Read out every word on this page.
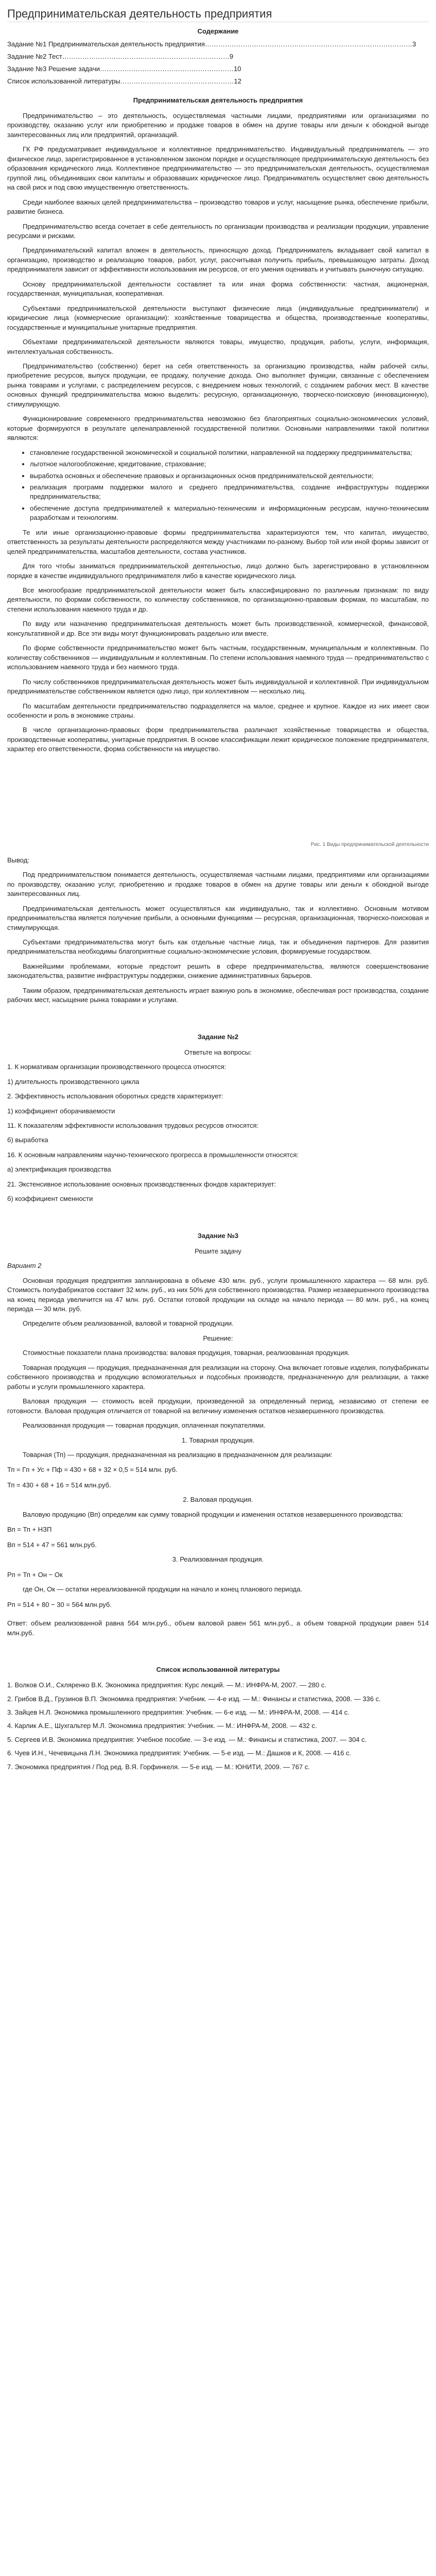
Предпринимательская деятельность предприятия
Содержание
Задание №1 Предпринимательская деятельность предприятия…………………………………………………………………………………3
Задание №2 Тест…………………………………………………………………9
Задание №3 Решение задачи……………………………………………………10
Список использованной литературы……………………………………………12
Предпринимательская деятельность предприятия

Предпринимательство – это деятельность, осуществляемая частными лицами, предприятиями или организациями по производству, оказанию услуг или приобретению и продаже товаров в обмен на другие товары или деньги к обоюдной выгоде заинтересованных лиц или предприятий, организаций.

ГК РФ предусматривает индивидуальное и коллективное предпринимательство. Индивидуальный предприниматель — это физическое лицо, зарегистрированное в установленном законом порядке и осуществляющее предпринимательскую деятельность без образования юридического лица. Коллективное предпринимательство — это предпринимательская деятельность, осуществляемая группой лиц, объединивших свои капиталы и образовавших юридическое лицо. Предприниматель осуществляет свою деятельность на свой риск и под свою имущественную ответственность.

Среди наиболее важных целей предпринимательства – производство товаров и услуг, насыщение рынка, обеспечение прибыли, развитие бизнеса.

Предпринимательство всегда сочетает в себе деятельность по организации производства и реализации продукции, управление ресурсами и рисками.

Предпринимательский капитал вложен в деятельность, приносящую доход. Предприниматель вкладывает свой капитал в организацию, производство и реализацию товаров, работ, услуг, рассчитывая получить прибыль, превышающую затраты. Доход предпринимателя зависит от эффективности использования им ресурсов, от его умения оценивать и учитывать рыночную ситуацию.

Основу предпринимательской деятельности составляет та или иная форма собственности: частная, акционерная, государственная, муниципальная, кооперативная.

Субъектами предпринимательской деятельности выступают физические лица (индивидуальные предприниматели) и юридические лица (коммерческие организации): хозяйственные товарищества и общества, производственные кооперативы, государственные и муниципальные унитарные предприятия.

Объектами предпринимательской деятельности являются товары, имущество, продукция, работы, услуги, информация, интеллектуальная собственность.

Предпринимательство (собственно) берет на себя ответственность за организацию производства, найм рабочей силы, приобретение ресурсов, выпуск продукции, ее продажу, получение дохода. Оно выполняет функции, связанные с обеспечением рынка товарами и услугами, с распределением ресурсов, с внедрением новых технологий, с созданием рабочих мест. В качестве основных функций предпринимательства можно выделить: ресурсную, организационную, творческо-поисковую (инновационную), стимулирующую.

Функционирование современного предпринимательства невозможно без благоприятных социально-экономических условий, которые формируются в результате целенаправленной государственной политики. Основными направлениями такой политики являются:

• становление государственной экономической и социальной политики, направленной на поддержку предпринимательства;
• льготное налогообложение, кредитование, страхование;
• выработка основных и обеспечение правовых и организационных основ предпринимательской деятельности;
• реализация программ поддержки малого и среднего предпринимательства, создание инфраструктуры поддержки предпринимательства;
• обеспечение доступа предпринимателей к материально-техническим и информационным ресурсам, научно-техническим разработкам и технологиям.

Те или иные организационно-правовые формы предпринимательства характеризуются тем, что капитал, имущество, ответственность за результаты деятельности распределяются между участниками по-разному. Выбор той или иной формы зависит от целей предпринимательства, масштабов деятельности, состава участников.

Для того чтобы заниматься предпринимательской деятельностью, лицо должно быть зарегистрировано в установленном порядке в качестве индивидуального предпринимателя либо в качестве юридического лица.

Все многообразие предпринимательской деятельности может быть классифицировано по различным признакам: по виду деятельности, по формам собственности, по количеству собственников, по организационно-правовым формам, по масштабам, по степени использования наемного труда и др.

По виду или назначению предпринимательская деятельность может быть производственной, коммерческой, финансовой, консультативной и др. Все эти виды могут функционировать раздельно или вместе.

По форме собственности предпринимательство может быть частным, государственным, муниципальным и коллективным. По количеству собственников — индивидуальным и коллективным. По степени использования наемного труда — предпринимательство с использованием наемного труда и без наемного труда.

По числу собственников предпринимательская деятельность может быть индивидуальной и коллективной. При индивидуальном предпринимательстве собственником является одно лицо, при коллективном — несколько лиц.

По масштабам деятельности предпринимательство подразделяется на малое, среднее и крупное. Каждое из них имеет свои особенности и роль в экономике страны.

В числе организационно-правовых форм предпринимательства различают хозяйственные товарищества и общества, производственные кооперативы, унитарные предприятия. В основе классификации лежит юридическое положение предпринимателя, характер его ответственности, форма собственности на имущество.

Рис. 1 Виды предпринимательской деятельности

Вывод:

Под предпринимательством понимается деятельность, осуществляемая частными лицами, предприятиями или организациями по производству, оказанию услуг, приобретению и продаже товаров в обмен на другие товары или деньги к обоюдной выгоде заинтересованных лиц.

Предпринимательская деятельность может осуществляться как индивидуально, так и коллективно. Основным мотивом предпринимательства является получение прибыли, а основными функциями — ресурсная, организационная, творческо-поисковая и стимулирующая.

Субъектами предпринимательства могут быть как отдельные частные лица, так и объединения партнеров. Для развития предпринимательства необходимы благоприятные социально-экономические условия, формируемые государством.

Важнейшими проблемами, которые предстоит решить в сфере предпринимательства, являются совершенствование законодательства, развитие инфраструктуры поддержки, снижение административных барьеров.

Таким образом, предпринимательская деятельность играет важную роль в экономике, обеспечивая рост производства, создание рабочих мест, насыщение рынка товарами и услугами.

Задание №2

Ответьте на вопросы:

1. К нормативам организации производственного процесса относятся:

1) длительность производственного цикла

2. Эффективность использования оборотных средств характеризует:

1) коэффициент оборачиваемости

11. К показателям эффективности использования трудовых ресурсов относятся:

б) выработка

16. К основным направлениям научно-технического прогресса в промышленности относятся:

а) электрификация производства

21. Экстенсивное использование основных производственных фондов характеризует:

б) коэффициент сменности

Задание №3

Решите задачу

Вариант 2

Основная продукция предприятия запланирована в объеме 430 млн. руб., услуги промышленного характера — 68 млн. руб. Стоимость полуфабрикатов составит 32 млн. руб., из них 50% для собственного производства. Размер незавершенного производства на конец периода увеличится на 47 млн. руб. Остатки готовой продукции на складе на начало периода — 80 млн. руб., на конец периода — 30 млн. руб.

Определите объем реализованной, валовой и товарной продукции.

Решение:

Стоимостные показатели плана производства: валовая продукция, товарная, реализованная продукция.

Товарная продукция — продукция, предназначенная для реализации на сторону. Она включает готовые изделия, полуфабрикаты собственного производства и продукцию вспомогательных и подсобных производств, предназначенную для реализации, а также работы и услуги промышленного характера.

Валовая продукция — стоимость всей продукции, произведенной за определенный период, независимо от степени ее готовности. Валовая продукция отличается от товарной на величину изменения остатков незавершенного производства.

Реализованная продукция — товарная продукция, оплаченная покупателями.

1. Товарная продукция.

Товарная (Тп) — продукция, предназначенная на реализацию в предназначенном для реализации:

Тп = Гп + Ус + Пф = 430 + 68 + 32 × 0,5 = 514 млн. руб.

Тп = 430 + 68 + 16 = 514 млн.руб.

2. Валовая продукция.

Валовую продукцию (Вп) определим как сумму товарной продукции и изменения остатков незавершенного производства:

Вп = Тп + НЗП

Вп = 514 + 47 = 561 млн.руб.

3. Реализованная продукция.

Рп = Тп + Он − Ок

где Он, Ок — остатки нереализованной продукции на начало и конец планового периода.

Рп = 514 + 80 − 30 = 564 млн.руб.

Ответ: объем реализованной равна 564 млн.руб., объем валовой равен 561 млн.руб., а объем товарной продукции равен 514 млн.руб.

Список использованной литературы

1. Волков О.И., Скляренко В.К. Экономика предприятия: Курс лекций. — М.: ИНФРА-М, 2007. — 280 с.

2. Грибов В.Д., Грузинов В.П. Экономика предприятия: Учебник. — 4-е изд. — М.: Финансы и статистика, 2008. — 336 с.

3. Зайцев Н.Л. Экономика промышленного предприятия: Учебник. — 6-е изд. — М.: ИНФРА-М, 2008. — 414 с.

4. Карлик А.Е., Шухгальтер М.Л. Экономика предприятия: Учебник. — М.: ИНФРА-М, 2008. — 432 с.

5. Сергеев И.В. Экономика предприятия: Учебное пособие. — 3-е изд. — М.: Финансы и статистика, 2007. — 304 с.

6. Чуев И.Н., Чечевицына Л.Н. Экономика предприятия: Учебник. — 5-е изд. — М.: Дашков и К, 2008. — 416 с.

7. Экономика предприятия / Под ред. В.Я. Горфинкеля. — 5-е изд. — М.: ЮНИТИ, 2009. — 767 с.
